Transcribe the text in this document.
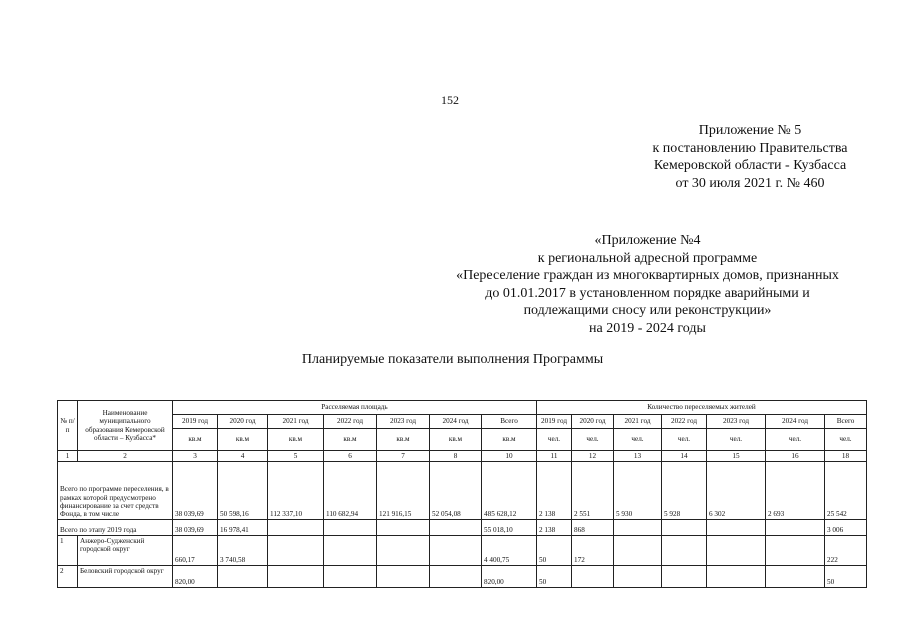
152
Приложение № 5
к постановлению Правительства
Кемеровской области - Кузбасса
от 30 июля 2021 г. № 460
«Приложение №4
к региональной адресной программе
«Переселение граждан из многоквартирных домов, признанных
до 01.01.2017 в установленном порядке аварийными и
подлежащими сносу или реконструкции»
на 2019 - 2024 годы
Планируемые показатели выполнения Программы
№ п/п	Наименование муниципального образования Кемеровской области – Кузбасса*	Расселяемая площадь							Количество переселяемых жителей						
		2019 год	2020 год	2021 год	2022 год	2023 год	2024 год	Всего	2019 год	2020 год	2021 год	2022 год	2023 год	2024 год	Всего
		кв.м	кв.м	кв.м	кв.м	кв.м	кв.м	кв.м	чел.	чел.	чел.	чел.	чел.	чел.	чел.
1	2	3	4	5	6	7	8	10	11	12	13	14	15	16	18
Всего по программе переселения, в рамках которой предусмотрено финансирование за счет средств Фонда, в том числе		38 039,69	50 598,16	112 337,10	110 682,94	121 916,15	52 054,08	485 628,12	2 138	2 551	5 930	5 928	6 302	2 693	25 542
Всего по этапу 2019 года		38 039,69	16 978,41					55 018,10	2 138	868					3 006
1	Анжеро-Судженский городской округ	660,17	3 740,58					4 400,75	50	172					222
2	Беловский городской округ	820,00						820,00	50						50
